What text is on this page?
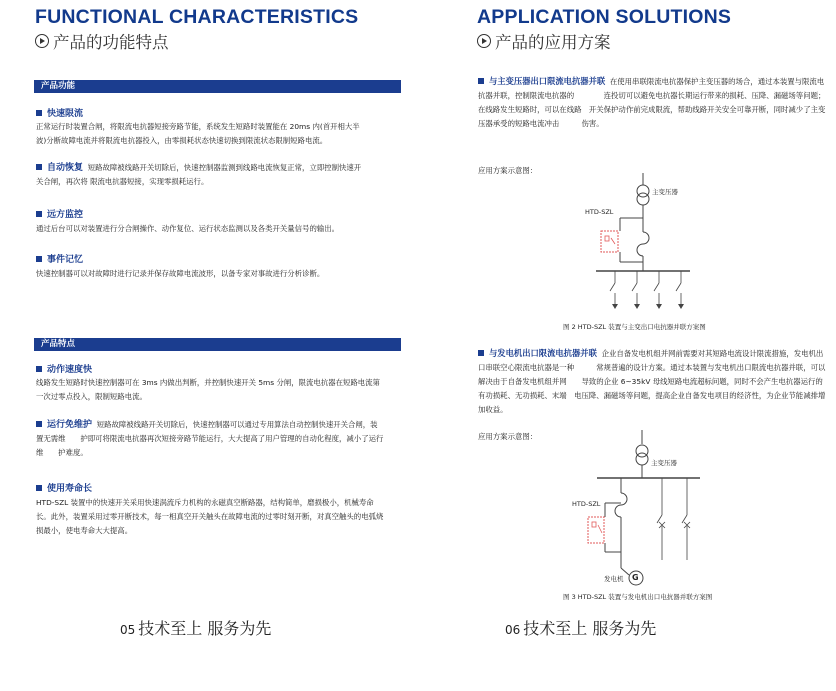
FUNCTIONAL CHARACTERISTICS
产品的功能特点
产品功能
快速限流
正常运行时装置合闸，将限流电抗器短接旁路节能，系统发生短路时装置能在 20ms 内(首开相大半波)分断故障电流并将限流电抗器投入，由零损耗状态快速切换到限流状态限制短路电流。
自动恢复 短路故障被线路开关切除后，快速控制器监测到线路电流恢复正常，立即控制快速开关合闸，再次将 限流电抗器短接，实现零损耗运行。
远方监控
通过后台可以对装置进行分合闸操作、动作复位、运行状态监测以及各类开关量信号的输出。
事件记忆
快速控制器可以对故障时进行记录并保存故障电流波形，以备专家对事故进行分析诊断。
产品特点
动作速度快
线路发生短路时快速控制器可在 3ms 内做出判断，并控制快速开关 5ms 分闸，限流电抗器在短路电流第一次过零点投入，限制短路电流。
运行免维护 短路故障被线路开关切除后，快速控制器可以通过专用算法自动控制快速开关合闸，装置无需维　　护即可将限流电抗器再次短接旁路节能运行，大大提高了用户管理的自动化程度，减小了运行维　　护难度。
使用寿命长
HTD-SZL 装置中的快速开关采用快速涡流斥力机构的永磁真空断路器，结构简单，磨损极小，机械寿命长。此外，装置采用过零开断技术，每一相真空开关触头在故障电流的过零时刻开断，对真空触头的电弧烧损最小，使电寿命大大提高。
05 技术至上 服务为先
APPLICATION SOLUTIONS
产品的应用方案
与主变压器出口限流电抗器并联 在使用串联限流电抗器保护主变压器的场合，通过本装置与限流电抗器并联，控制限流电抗器的　　　　连投切可以避免电抗器长期运行带来的损耗、压降、漏磁场等问题；在线路发生短路时，可以在线路　开关保护动作前完成限流，帮助线路开关安全可靠开断，同时减少了主变压器承受的短路电流冲击　　　伤害。
应用方案示意图：
主变压器
HTD-SZL
图 2 HTD-SZL 装置与主变出口电抗器并联方案图
与发电机出口限流电抗器并联 企业自备发电机组并网前需要对其短路电流设计限流措施，发电机出口串联空心限流电抗器是一种　　　常规普遍的设计方案。通过本装置与发电机出口限流电抗器并联，可以解决由于自备发电机组并网　　导致的企业 6~35kV 母线短路电流超标问题，同时不会产生电抗器运行的有功损耗、无功损耗、末端　电压降、漏磁场等问题，提高企业自备发电项目的经济性，为企业节能减排增加收益。
应用方案示意图：
主变压器
HTD-SZL
发电机 G
图 3 HTD-SZL 装置与发电机出口电抗器并联方案图
06 技术至上 服务为先
